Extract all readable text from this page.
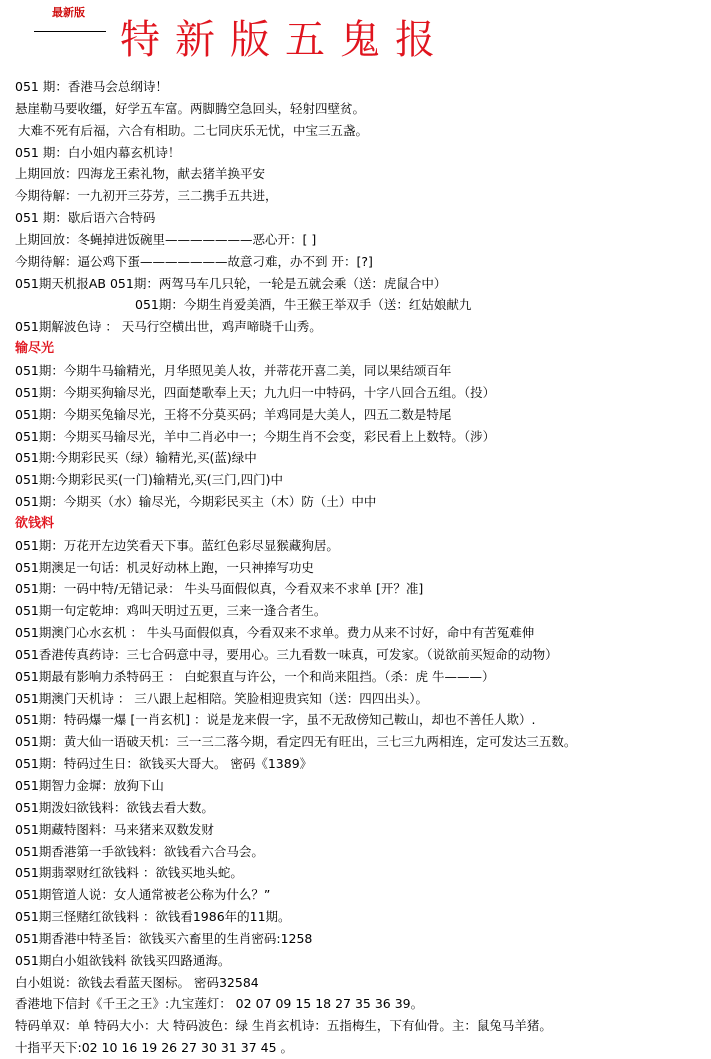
最新版
特新版五鬼报
051 期：香港马会总纲诗！
悬崖勒马要收缰，好学五车富。两脚腾空急回头，轻射四壁贫。
大难不死有后福，六合有相助。二七同庆乐无忧，中宝三五盏。
051 期：白小姐内幕玄机诗！
上期回放：四海龙王索礼物，献去猪羊换平安
今期待解：一九初开三芬芳，三二携手五共进，
051 期：歇后语六合特码
上期回放：冬蝇掉进饭碗里———————恶心开：[ ]
今期待解：逼公鸡下蛋———————故意刁难，办不到 开：[?]
051期天机报AB 051期：两驾马车几只轮，一轮是五就会乘（送：虎鼠合中）
051期：今期生肖爱美酒，牛王猴王举双手（送：红姑娘献九
051期解波色诗 ： 天马行空横出世，鸡声啼晓千山秀。
输尽光
051期：今期牛马输精光，月华照见美人妆，并蒂花开喜二美，同以果结颂百年
051期：今期买狗输尽光，四面楚歌奉上天；九九归一中特码，十字八回合五组。（投）
051期：今期买兔输尽光，王将不分莫买码；羊鸡同是大美人，四五二数是特尾
051期：今期买马输尽光，羊中二肖必中一；今期生肖不会变，彩民看上上数特。（涉）
051期:今期彩民买（绿）输精光,买(蓝)绿中
051期:今期彩民买(一门)输精光,买(三门,四门)中
051期：今期买（水）输尽光，今期彩民买主（木）防（土）中中
欲钱料
051期：万花开左边笑看天下事。蓝红色彩尽显猴藏狗居。
051期澳足一句话：机灵好动林上跑，一只神捧写功史
051期：一码中特/无错记录： 牛头马面假似真，今看双来不求单 [开？准]
051期一句定乾坤：鸡叫天明过五更，三来一逢合者生。
051期澳门心水玄机 ： 牛头马面假似真，今看双来不求单。费力从来不讨好，命中有苦冤难伸
051香港传真药诗：三七合码意中寻，要用心。三九看数一味真，可发家。（说欲前买短命的动物）
051期最有影响力杀特码王 ： 白蛇狠直与许公，一个和尚来阻挡。（杀：虎 牛———）
051期澳门天机诗 ： 三八跟上起相陪。笑脸相迎贵宾知（送：四四出头）。
051期：特码爆一爆 [一肖玄机] ：说是龙来假一字，虽不无敌傍知己鞍山，却也不善任人欺）.
051期：黄大仙一语破天机：三一三二落今期，看定四无有旺出，三七三九两相连，定可发达三五数。
051期：特码过生日：欲钱买大哥大。 密码《1389》
051期智力金墀：放狗下山
051期泼妇欲钱料：欲钱去看大数。
051期藏特图料：马来猪来双数发财
051期香港第一手欲钱料：欲钱看六合马会。
051期翡翠财红欲钱料 ：欲钱买地头蛇。
051期管道人说：女人通常被老公称为什么？”
051期三怪赌红欲钱料 ：欲钱看1986年的11期。
051期香港中特圣旨：欲钱买六畜里的生肖密码:1258
051期白小姐欲钱料 欲钱买四路通海。
白小姐说：欲钱去看蓝天图标。 密码32584
香港地下信封《千王之王》:九宝莲灯： 02 07 09 15 18 27 35 36 39。
特码单双：单 特码大小：大 特码波色：绿 生肖玄机诗：五指梅生，下有仙骨。主：鼠兔马羊猪。
十指平天下:02 10 16 19 26 27 30 31 37 45 。
